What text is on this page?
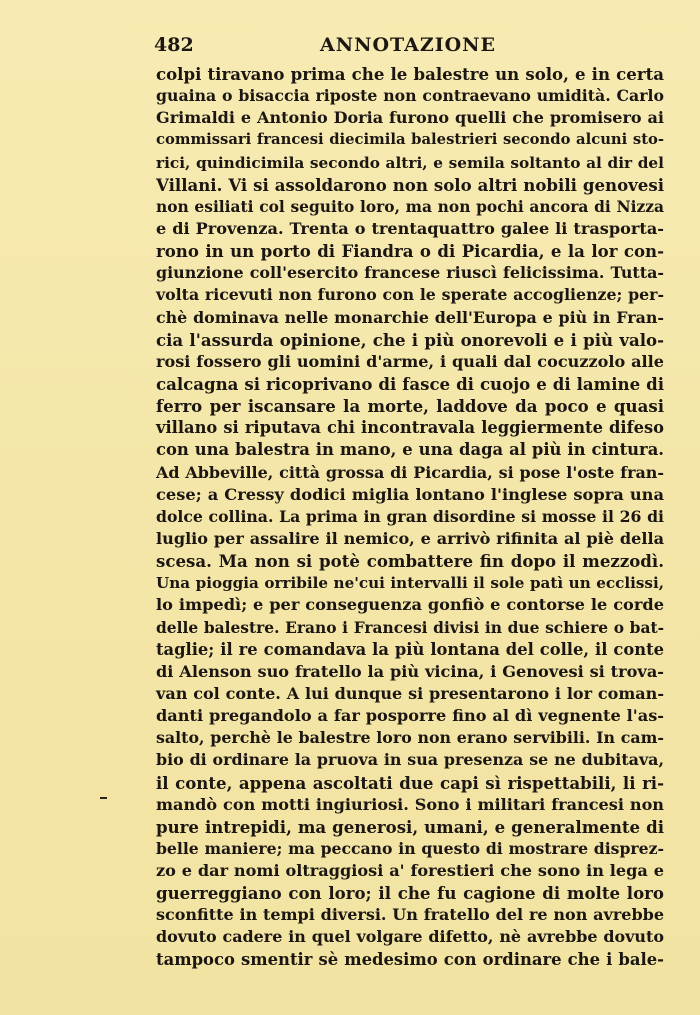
482	ANNOTAZIONE
colpi tiravano prima che le balestre un solo, e in certa
guaina o bisaccia riposte non contraevano umidità. Carlo
Grimaldi e Antonio Doria furono quelli che promisero ai
commissari francesi diecimila balestrieri secondo alcuni sto-
rici, quindicimila secondo altri, e semila soltanto al dir del
Villani. Vi si assoldarono non solo altri nobili genovesi
non esiliati col seguito loro, ma non pochi ancora di Nizza
e di Provenza. Trenta o trentaquattro galee li trasporta-
rono in un porto di Fiandra o di Picardia, e la lor con-
giunzione coll'esercito francese riuscì felicissima. Tutta-
volta ricevuti non furono con le sperate accoglienze; per-
chè dominava nelle monarchie dell'Europa e più in Fran-
cia l'assurda opinione, che i più onorevoli e i più valo-
rosi fossero gli uomini d'arme, i quali dal cocuzzolo alle
calcagna si ricoprivano di fasce di cuojo e di lamine di
ferro per iscansare la morte, laddove da poco e quasi
villano si riputava chi incontravala leggiermente difeso
con una balestra in mano, e una daga al più in cintura.
Ad Abbeville, città grossa di Picardia, si pose l'oste fran-
cese; a Cressy dodici miglia lontano l'inglese sopra una
dolce collina. La prima in gran disordine si mosse il 26 di
luglio per assalire il nemico, e arrivò rifinita al piè della
scesa. Ma non si potè combattere fin dopo il mezzodì.
Una pioggia orribile ne'cui intervalli il sole patì un ecclissi,
lo impedì; e per conseguenza gonfiò e contorse le corde
delle balestre. Erano i Francesi divisi in due schiere o bat-
taglie; il re comandava la più lontana del colle, il conte
di Alenson suo fratello la più vicina, i Genovesi si trova-
van col conte. A lui dunque si presentarono i lor coman-
danti pregandolo a far posporre fino al dì vegnente l'as-
salto, perchè le balestre loro non erano servibili. In cam-
bio di ordinare la pruova in sua presenza se ne dubitava,
il conte, appena ascoltati due capi sì rispettabili, li ri-
mandò con motti ingiuriosi. Sono i militari francesi non
pure intrepidi, ma generosi, umani, e generalmente di
belle maniere; ma peccano in questo di mostrare disprez-
zo e dar nomi oltraggiosi a' forestieri che sono in lega e
guerreggiano con loro; il che fu cagione di molte loro
sconfitte in tempi diversi. Un fratello del re non avrebbe
dovuto cadere in quel volgare difetto, nè avrebbe dovuto
tampoco smentir sè medesimo con ordinare che i bale-
